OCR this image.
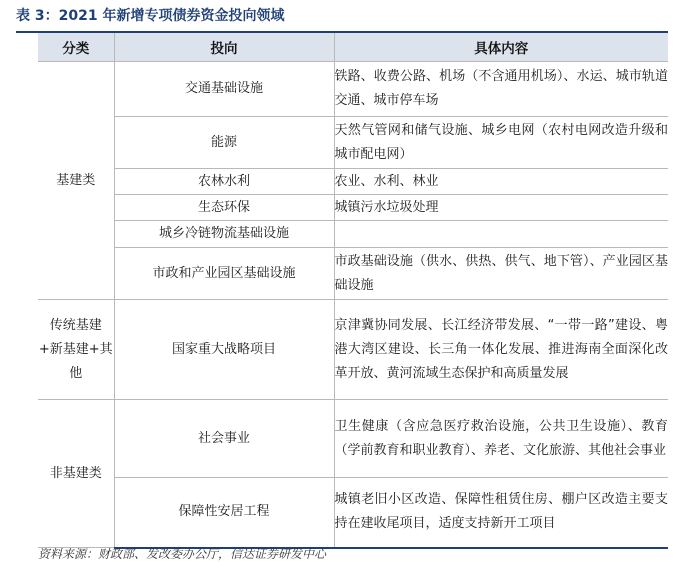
表 3：2021 年新增专项债券资金投向领域
分类	投向	具体内容
基建类	交通基础设施	铁路、收费公路、机场（不含通用机场）、水运、城市轨道交通、城市停车场
	能源	天然气管网和储气设施、城乡电网（农村电网改造升级和城市配电网）
	农林水利	农业、水利、林业
	生态环保	城镇污水垃圾处理
	城乡冷链物流基础设施	
	市政和产业园区基础设施	市政基础设施（供水、供热、供气、地下管）、产业园区基础设施
传统基建+新基建+其他	国家重大战略项目	京津冀协同发展、长江经济带发展、“一带一路”建设、粤港大湾区建设、长三角一体化发展、推进海南全面深化改革开放、黄河流域生态保护和高质量发展
非基建类	社会事业	卫生健康（含应急医疗救治设施，公共卫生设施）、教育（学前教育和职业教育）、养老、文化旅游、其他社会事业
	保障性安居工程	城镇老旧小区改造、保障性租赁住房、棚户区改造主要支持在建收尾项目，适度支持新开工项目
资料来源：财政部、发改委办公厅，信达证券研发中心
